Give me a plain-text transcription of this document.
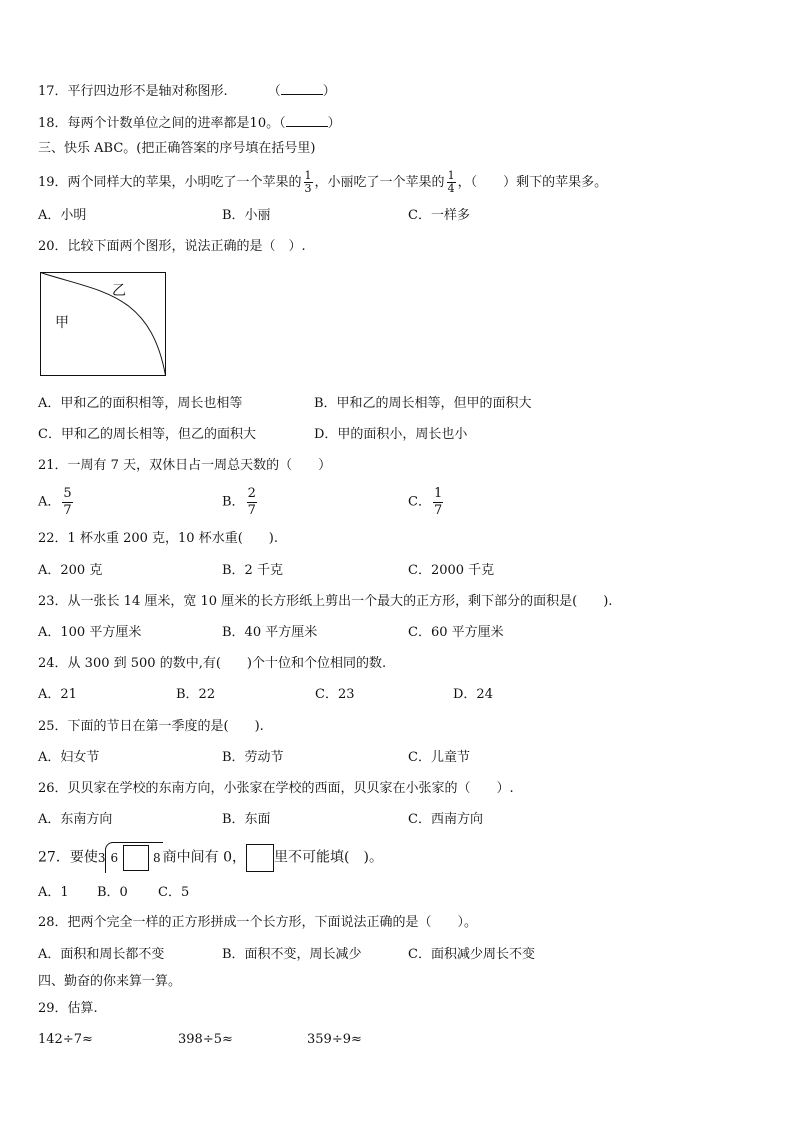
17．平行四边形不是轴对称图形.	（	）
18．每两个计数单位之间的进率都是10。（	）
三、快乐 ABC。(把正确答案的序号填在括号里)
19．两个同样大的苹果，小明吃了一个苹果的 $\frac{1}{3}$ ，小丽吃了一个苹果的 $\frac{1}{4}$ ，（　　）剩下的苹果多。
A．小明	B．小丽	C．一样多
20．比较下面两个图形，说法正确的是（　）.
甲
乙
A．甲和乙的面积相等，周长也相等	B．甲和乙的周长相等，但甲的面积大
C．甲和乙的周长相等，但乙的面积大	D．甲的面积小，周长也小
21．一周有 7 天，双休日占一周总天数的（　　）
A． $\frac{5}{7}$	B． $\frac{2}{7}$	C． $\frac{1}{7}$
22．1 杯水重 200 克，10 杯水重(　　).
A．200 克	B．2 千克	C．2000 千克
23．从一张长 14 厘米，宽 10 厘米的长方形纸上剪出一个最大的正方形，剩下部分的面积是(　　).
A．100 平方厘米	B．40 平方厘米	C．60 平方厘米
24．从 300 到 500 的数中,有(　　)个十位和个位相同的数.
A．21	B．22	C．23	D．24
25．下面的节日在第一季度的是(　　).
A．妇女节	B．劳动节	C．儿童节
26．贝贝家在学校的东南方向，小张家在学校的西面，贝贝家在小张家的（　　）.
A．东南方向	B．东面	C．西南方向
27．要使 3 6	8 商中间有 0， 里不可能填(　)。
A．1 B．0 C．5
28．把两个完全一样的正方形拼成一个长方形，下面说法正确的是（　　）。
A．面积和周长都不变	B．面积不变，周长减少	C．面积减少周长不变
四、勤奋的你来算一算。
29．估算.
142÷7≈	398÷5≈	359÷9≈
